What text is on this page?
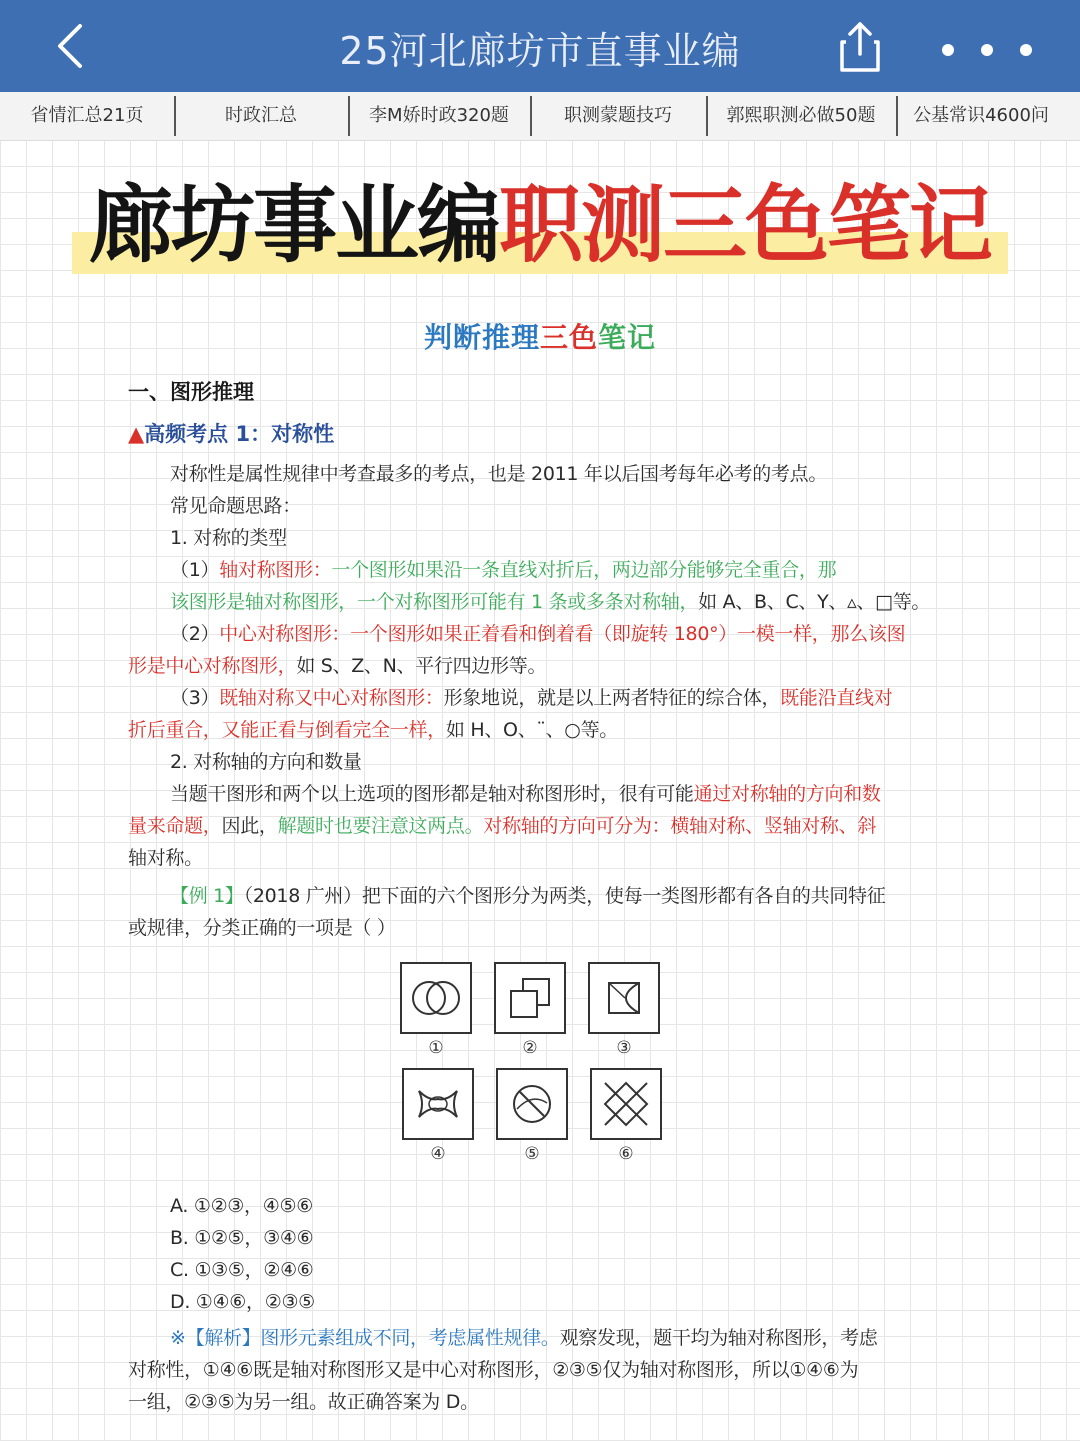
25河北廊坊市直事业编
省情汇总21页	时政汇总	李M娇时政320题	职测蒙题技巧	郭熙职测必做50题	公基常识4600问
廊坊事业编职测三色笔记
判断推理三色笔记
一、图形推理
▲高频考点 1：对称性
对称性是属性规律中考查最多的考点，也是 2011 年以后国考每年必考的考点。
常见命题思路：
1. 对称的类型
（1）轴对称图形：一个图形如果沿一条直线对折后，两边部分能够完全重合，那
该图形是轴对称图形，一个对称图形可能有 1 条或多条对称轴，如 A、B、C、Y、▵、□等。
（2）中心对称图形：一个图形如果正着看和倒着看（即旋转 180°）一模一样，那么该图
形是中心对称图形，如 S、Z、N、平行四边形等。
（3）既轴对称又中心对称图形：形象地说，就是以上两者特征的综合体，既能沿直线对
折后重合，又能正看与倒看完全一样，如 H、O、¨、○等。
2. 对称轴的方向和数量
当题干图形和两个以上选项的图形都是轴对称图形时，很有可能通过对称轴的方向和数
量来命题，因此，解题时也要注意这两点。对称轴的方向可分为：横轴对称、竖轴对称、斜
轴对称。
【例 1】（2018 广州）把下面的六个图形分为两类，使每一类图形都有各自的共同特征
或规律，分类正确的一项是（ ）
①	②	③
④	⑤	⑥
A. ①②③，④⑤⑥
B. ①②⑤，③④⑥
C. ①③⑤，②④⑥
D. ①④⑥，②③⑤
※【解析】图形元素组成不同，考虑属性规律。观察发现，题干均为轴对称图形，考虑
对称性，①④⑥既是轴对称图形又是中心对称图形，②③⑤仅为轴对称图形，所以①④⑥为
一组，②③⑤为另一组。故正确答案为 D。
